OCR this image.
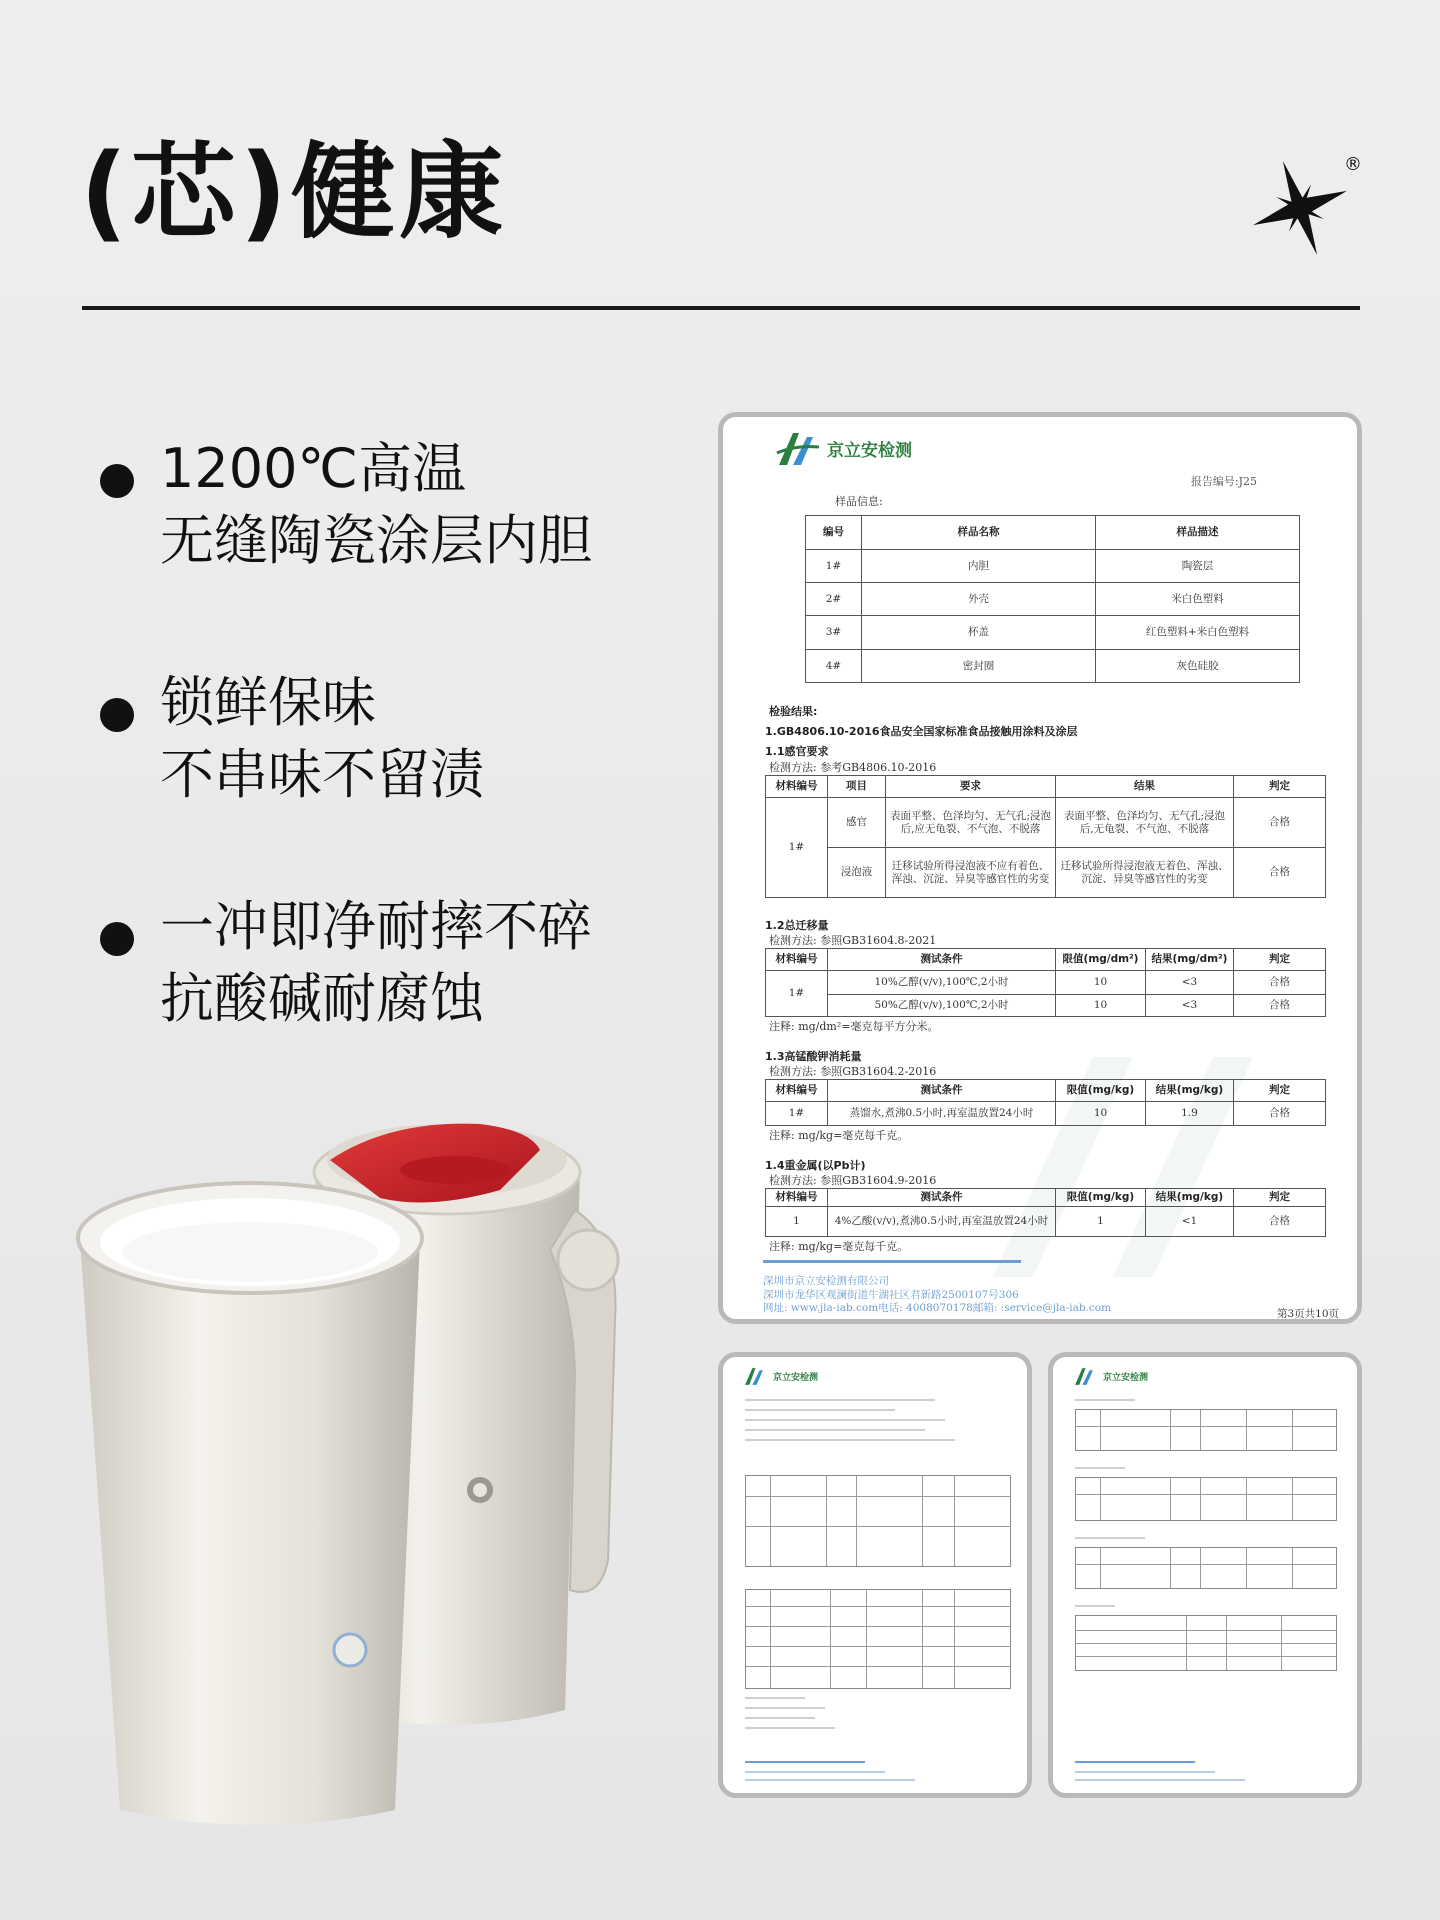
(芯)健康	®
1200℃高温
无缝陶瓷涂层内胆
锁鲜保味
不串味不留渍
一冲即净耐摔不碎
抗酸碱耐腐蚀
京立安检测
报告编号:J25
样品信息:
编号	样品名称	样品描述
1#	内胆	陶瓷层
2#	外壳	米白色塑料
3#	杯盖	红色塑料+米白色塑料
4#	密封圈	灰色硅胶
检验结果:
1.GB4806.10-2016食品安全国家标准食品接触用涂料及涂层
1.1感官要求
检测方法: 参考GB4806.10-2016
材料编号	项目	要求	结果	判定
1#	感官	表面平整、色泽均匀、无气孔;浸泡后,应无龟裂、不气泡、不脱落	表面平整、色泽均匀、无气孔;浸泡后,无龟裂、不气泡、不脱落	合格
	浸泡液	迁移试验所得浸泡液不应有着色、浑浊、沉淀、异臭等感官性的劣变	迁移试验所得浸泡液无着色、浑浊、沉淀、异臭等感官性的劣变	合格
1.2总迁移量
检测方法: 参照GB31604.8-2021
材料编号	测试条件	限值(mg/dm²)	结果(mg/dm²)	判定
1#	10%乙醇(v/v),100℃,2小时	10	<3	合格
	50%乙醇(v/v),100℃,2小时	10	<3	合格
注释: mg/dm²=毫克每平方分米。
1.3高锰酸钾消耗量
检测方法: 参照GB31604.2-2016
材料编号	测试条件	限值(mg/kg)	结果(mg/kg)	判定
1#	蒸馏水,煮沸0.5小时,再室温放置24小时	10	1.9	合格
注释: mg/kg=毫克每千克。
1.4重金属(以Pb计)
检测方法: 参照GB31604.9-2016
材料编号	测试条件	限值(mg/kg)	结果(mg/kg)	判定
1	4%乙酸(v/v),煮沸0.5小时,再室温放置24小时	1	<1	合格
注释: mg/kg=毫克每千克。
深圳市京立安检测有限公司
深圳市龙华区观澜街道牛湖社区君新路2500107号306
网址: www.jla-iab.com电话: 4008070178邮箱: :service@jla-iab.com	第3页共10页
京立安检测	京立安检测
